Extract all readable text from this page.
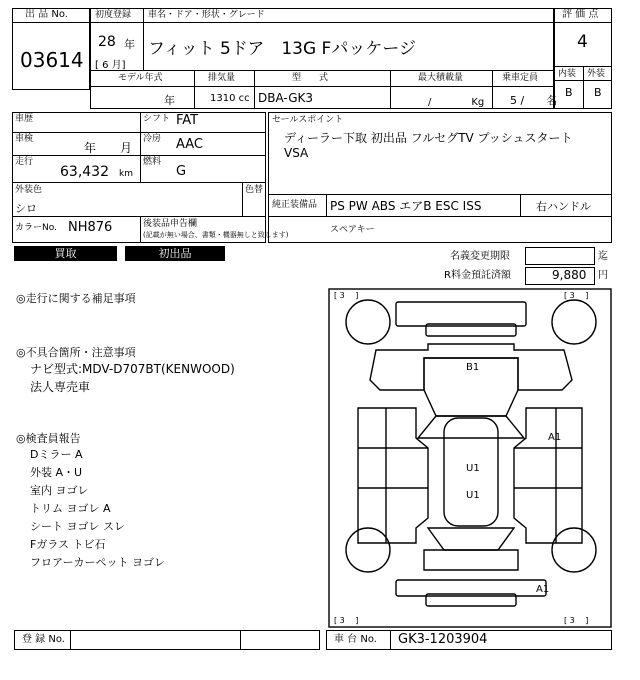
出 品 No.
03614
初度登録 車名・ドア・形状・グレード
28 年
[ 6 月]
フィット 5ドア　13G Fパッケージ
モデル年式	排気量	型　　式	最大積載量	乗車定員
年	1310 cc DBA-GK3	/　　　　Kg 5 /　　名
評 価 点
4
内装 外装
B B
車歴	シフト FAT
車検
年　　月
冷房 AAC
走行
63,432 km
燃料
G
外装色
シロ
色替
カラーNo. NH876	後装品申告欄
(記載が無い場合、書類・機器無しと致します)
セールスポイント
ディーラー下取 初出品 フルセグTV プッシュスタート
VSA
純正装備品 PS PW ABS エアB ESC ISS	右ハンドル
スペアキー
買取	初出品	名義変更期限	迄
R料金預託済額	9,880 円
◎走行に関する補足事項
◎不具合箇所・注意事項
ナビ型式:MDV-D707BT(KENWOOD)
法人専売車
◎検査員報告
Dミラー A
外装 A・U
室内 ヨゴレ
トリム ヨゴレ A
シート ヨゴレ スレ
Fガラス トビ石
フロアーカーペット ヨゴレ
[ 3　 ]	[ 3　 ]
[ 3　 ]	[ 3　 ]
B1
A1
U1
U1
A1
登 録 No.	車 台 No. GK3-1203904
